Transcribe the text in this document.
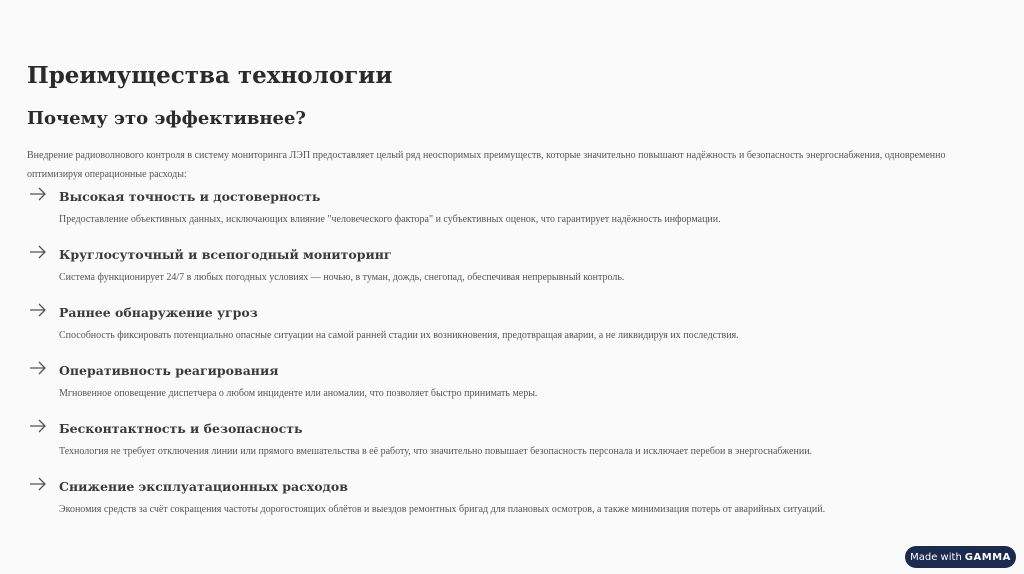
Преимущества технологии
Почему это эффективнее?

Внедрение радиоволнового контроля в систему мониторинга ЛЭП предоставляет целый ряд неоспоримых преимуществ, которые значительно повышают надёжность и безопасность энергоснабжения, одновременно оптимизируя операционные расходы:

Высокая точность и достоверность

Предоставление объективных данных, исключающих влияние "человеческого фактора" и субъективных оценок, что гарантирует надёжность информации.

Круглосуточный и всепогодный мониторинг

Система функционирует 24/7 в любых погодных условиях — ночью, в туман, дождь, снегопад, обеспечивая непрерывный контроль.

Раннее обнаружение угроз

Способность фиксировать потенциально опасные ситуации на самой ранней стадии их возникновения, предотвращая аварии, а не ликвидируя их последствия.

Оперативность реагирования

Мгновенное оповещение диспетчера о любом инциденте или аномалии, что позволяет быстро принимать меры.

Бесконтактность и безопасность

Технология не требует отключения линии или прямого вмешательства в её работу, что значительно повышает безопасность персонала и исключает перебои в энергоснабжении.

Снижение эксплуатационных расходов

Экономия средств за счёт сокращения частоты дорогостоящих облётов и выездов ремонтных бригад для плановых осмотров, а также минимизация потерь от аварийных ситуаций.

Made with GAMMA
